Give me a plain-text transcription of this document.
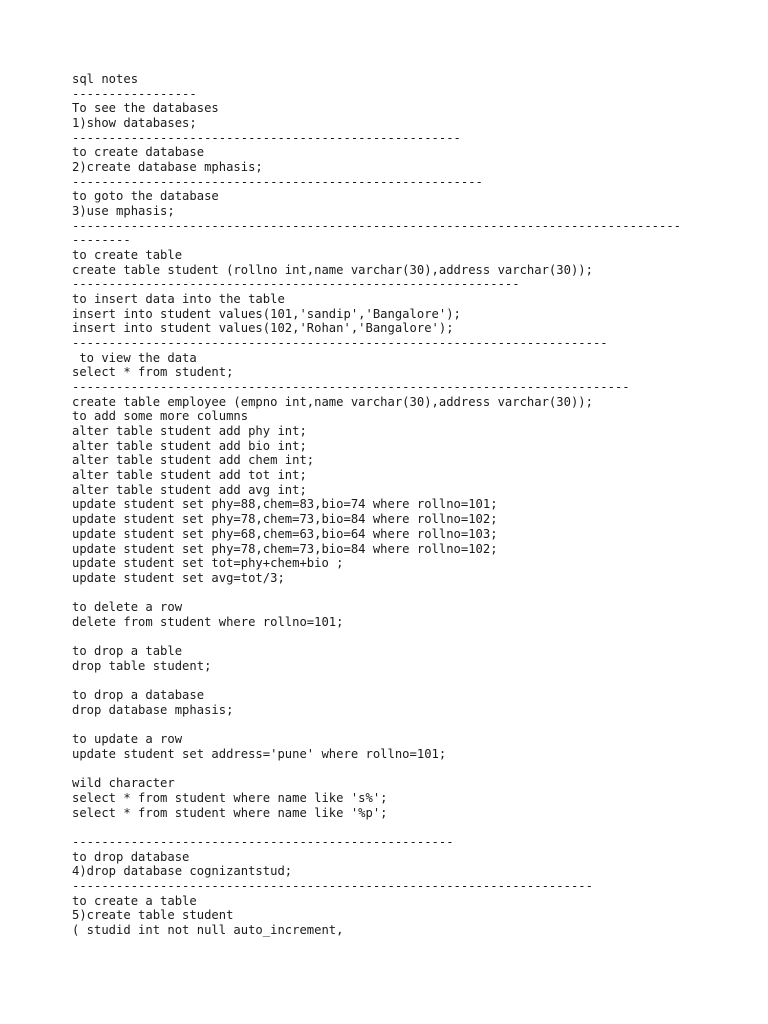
sql notes
-----------------
To see the databases
1)show databases;
-----------------------------------------------------
to create database
2)create database mphasis;
--------------------------------------------------------
to goto the database
3)use mphasis;
-----------------------------------------------------------------------------------
--------
to create table
create table student (rollno int,name varchar(30),address varchar(30));
-------------------------------------------------------------
to insert data into the table
insert into student values(101,'sandip','Bangalore');
insert into student values(102,'Rohan','Bangalore');
-------------------------------------------------------------------------
to view the data
select * from student;
----------------------------------------------------------------------------
create table employee (empno int,name varchar(30),address varchar(30));
to add some more columns
alter table student add phy int;
alter table student add bio int;
alter table student add chem int;
alter table student add tot int;
alter table student add avg int;
update student set phy=88,chem=83,bio=74 where rollno=101;
update student set phy=78,chem=73,bio=84 where rollno=102;
update student set phy=68,chem=63,bio=64 where rollno=103;
update student set phy=78,chem=73,bio=84 where rollno=102;
update student set tot=phy+chem+bio ;
update student set avg=tot/3;
to delete a row
delete from student where rollno=101;
to drop a table
drop table student;
to drop a database
drop database mphasis;
to update a row
update student set address='pune' where rollno=101;
wild character
select * from student where name like 's%';
select * from student where name like '%p';
----------------------------------------------------
to drop database
4)drop database cognizantstud;
-----------------------------------------------------------------------
to create a table
5)create table student
( studid int not null auto_increment,
